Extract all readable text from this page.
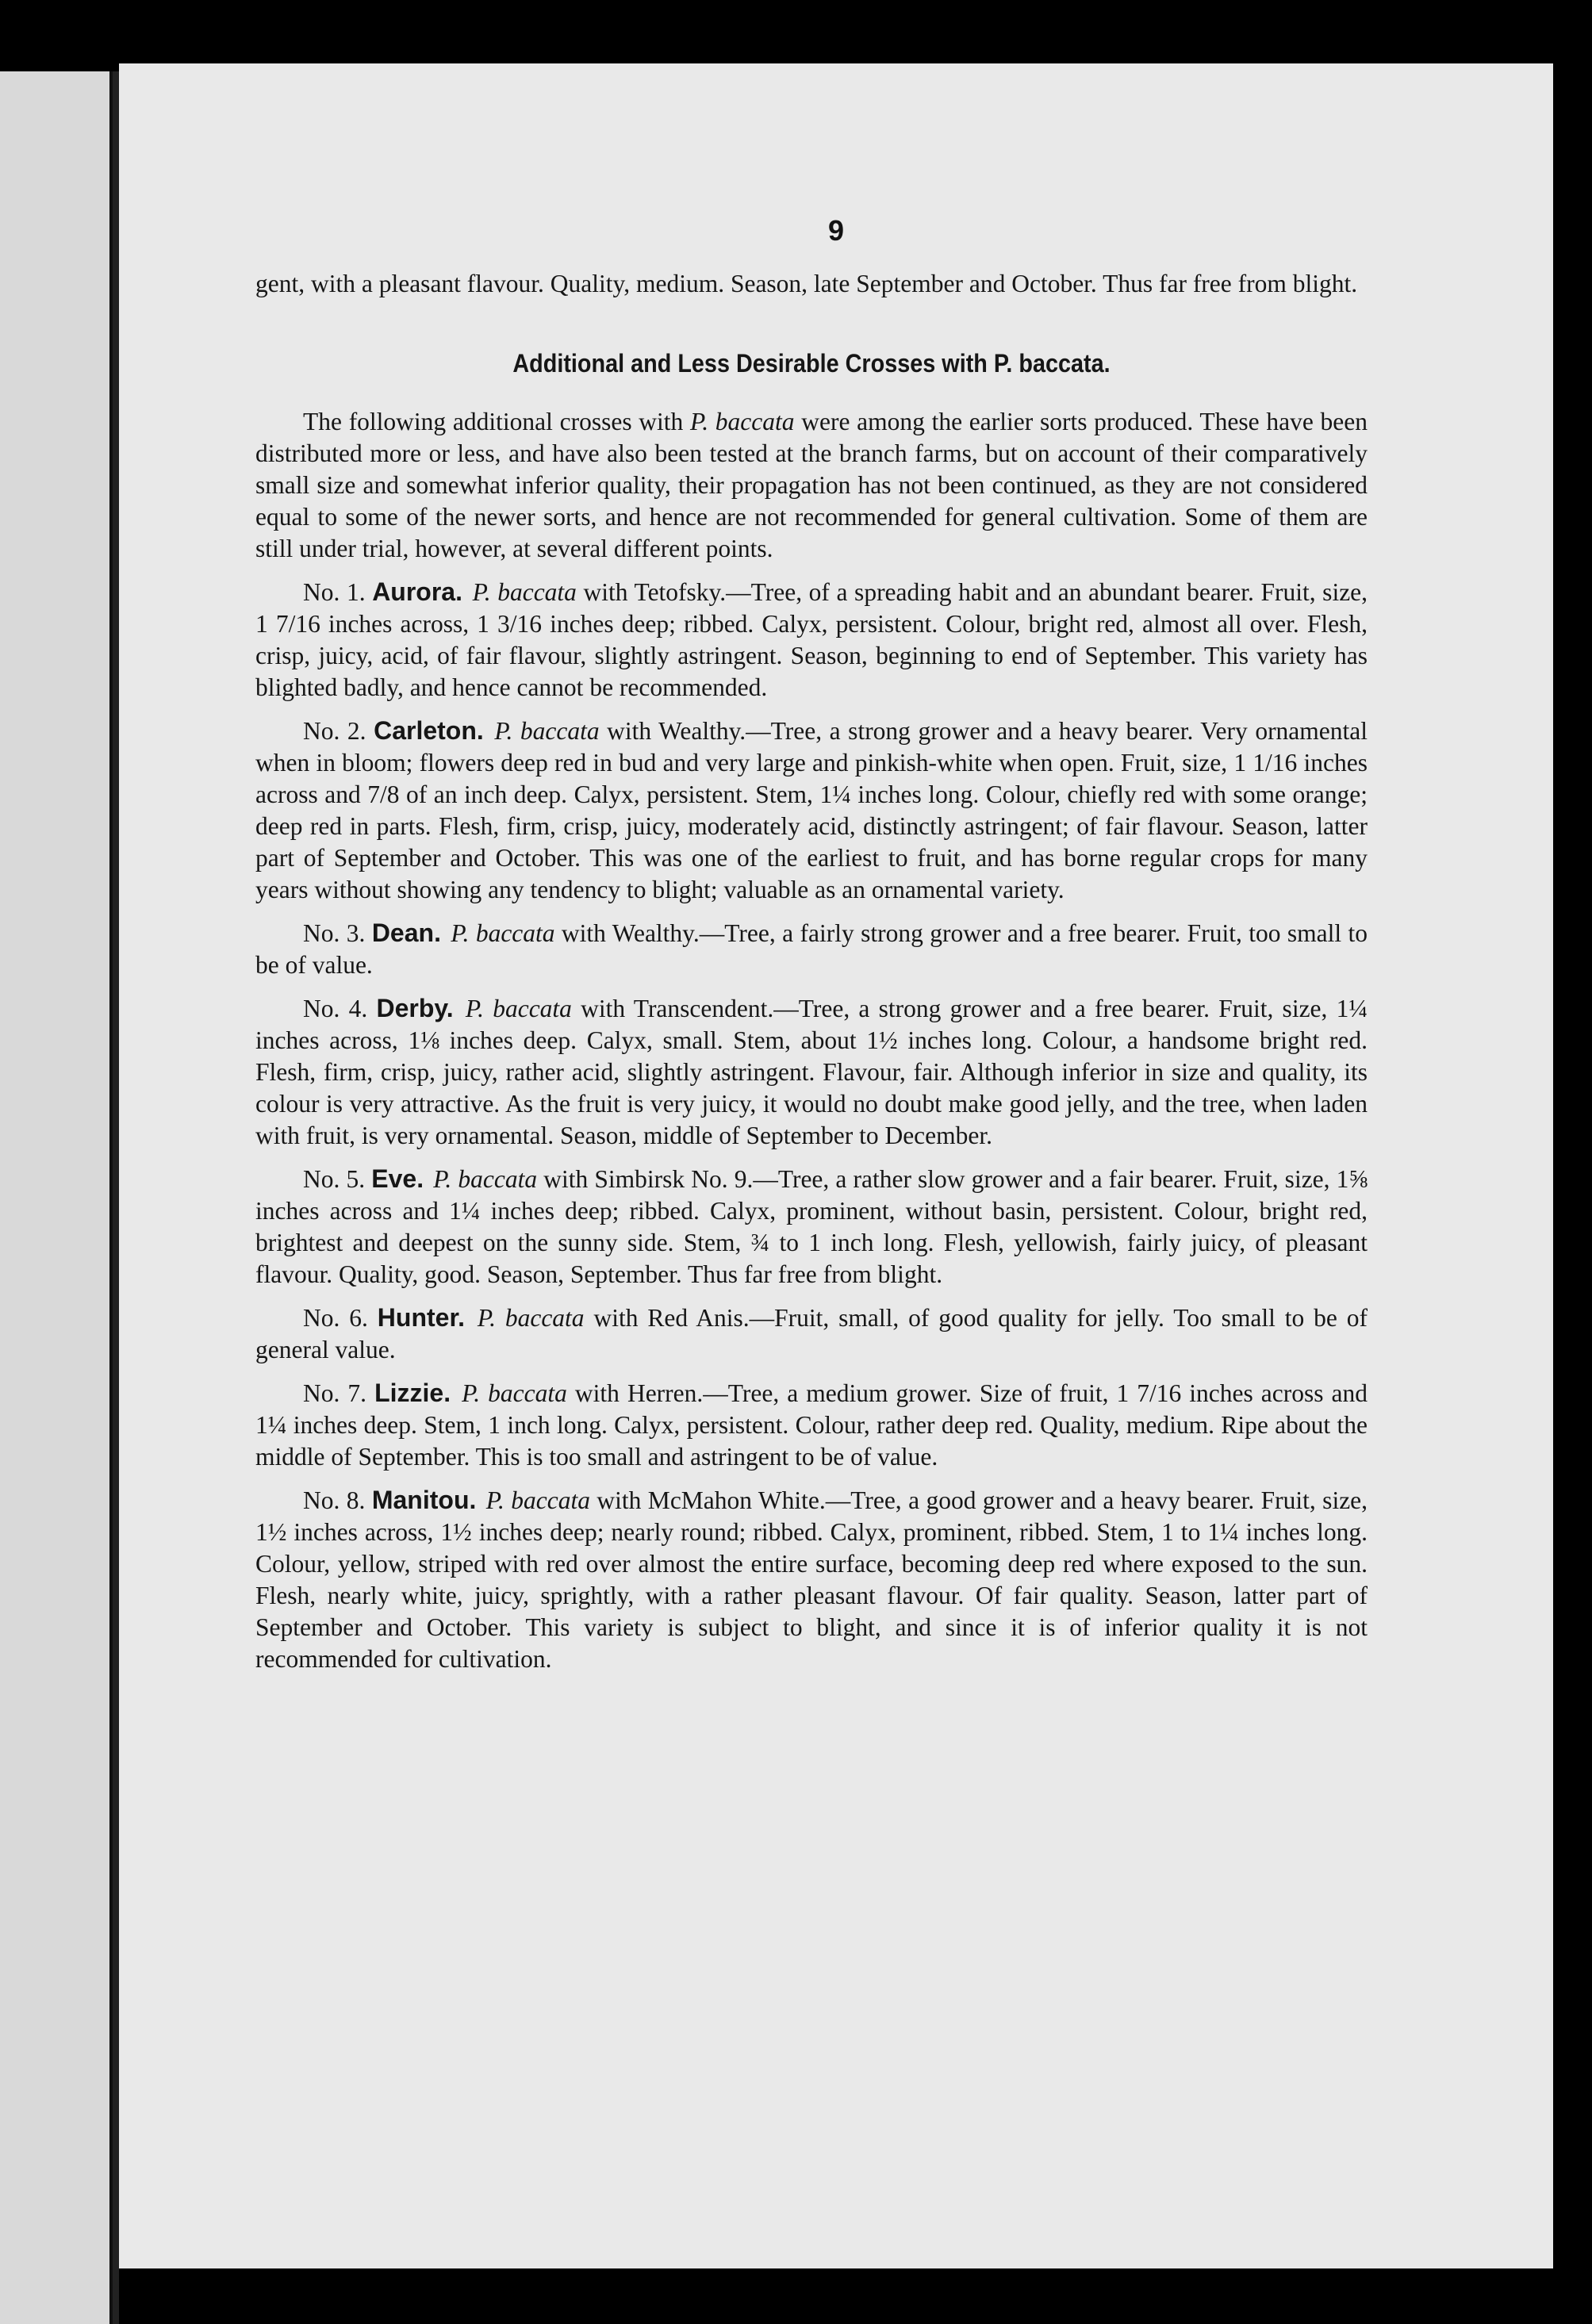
9

gent, with a pleasant flavour. Quality, medium. Season, late September and October. Thus far free from blight.

Additional and Less Desirable Crosses with P. baccata.

The following additional crosses with P. baccata were among the earlier sorts produced. These have been distributed more or less, and have also been tested at the branch farms, but on account of their comparatively small size and somewhat inferior quality, their propagation has not been continued, as they are not considered equal to some of the newer sorts, and hence are not recommended for general cultivation. Some of them are still under trial, however, at several different points.

No. 1. Aurora. P. baccata with Tetofsky.—Tree, of a spreading habit and an abundant bearer. Fruit, size, 1 7/16 inches across, 1 3/16 inches deep; ribbed. Calyx, persistent. Colour, bright red, almost all over. Flesh, crisp, juicy, acid, of fair flavour, slightly astringent. Season, beginning to end of September. This variety has blighted badly, and hence cannot be recommended.

No. 2. Carleton. P. baccata with Wealthy.—Tree, a strong grower and a heavy bearer. Very ornamental when in bloom; flowers deep red in bud and very large and pinkish-white when open. Fruit, size, 1 1/16 inches across and 7/8 of an inch deep. Calyx, persistent. Stem, 1¼ inches long. Colour, chiefly red with some orange; deep red in parts. Flesh, firm, crisp, juicy, moderately acid, distinctly astringent; of fair flavour. Season, latter part of September and October. This was one of the earliest to fruit, and has borne regular crops for many years without showing any tendency to blight; valuable as an ornamental variety.

No. 3. Dean. P. baccata with Wealthy.—Tree, a fairly strong grower and a free bearer. Fruit, too small to be of value.

No. 4. Derby. P. baccata with Transcendent.—Tree, a strong grower and a free bearer. Fruit, size, 1¼ inches across, 1⅛ inches deep. Calyx, small. Stem, about 1½ inches long. Colour, a handsome bright red. Flesh, firm, crisp, juicy, rather acid, slightly astringent. Flavour, fair. Although inferior in size and quality, its colour is very attractive. As the fruit is very juicy, it would no doubt make good jelly, and the tree, when laden with fruit, is very ornamental. Season, middle of September to December.

No. 5. Eve. P. baccata with Simbirsk No. 9.—Tree, a rather slow grower and a fair bearer. Fruit, size, 1⅝ inches across and 1¼ inches deep; ribbed. Calyx, prominent, without basin, persistent. Colour, bright red, brightest and deepest on the sunny side. Stem, ¾ to 1 inch long. Flesh, yellowish, fairly juicy, of pleasant flavour. Quality, good. Season, September. Thus far free from blight.

No. 6. Hunter. P. baccata with Red Anis.—Fruit, small, of good quality for jelly. Too small to be of general value.

No. 7. Lizzie. P. baccata with Herren.—Tree, a medium grower. Size of fruit, 1 7/16 inches across and 1¼ inches deep. Stem, 1 inch long. Calyx, persistent. Colour, rather deep red. Quality, medium. Ripe about the middle of September. This is too small and astringent to be of value.

No. 8. Manitou. P. baccata with McMahon White.—Tree, a good grower and a heavy bearer. Fruit, size, 1½ inches across, 1½ inches deep; nearly round; ribbed. Calyx, prominent, ribbed. Stem, 1 to 1¼ inches long. Colour, yellow, striped with red over almost the entire surface, becoming deep red where exposed to the sun. Flesh, nearly white, juicy, sprightly, with a rather pleasant flavour. Of fair quality. Season, latter part of September and October. This variety is subject to blight, and since it is of inferior quality it is not recommended for cultivation.
